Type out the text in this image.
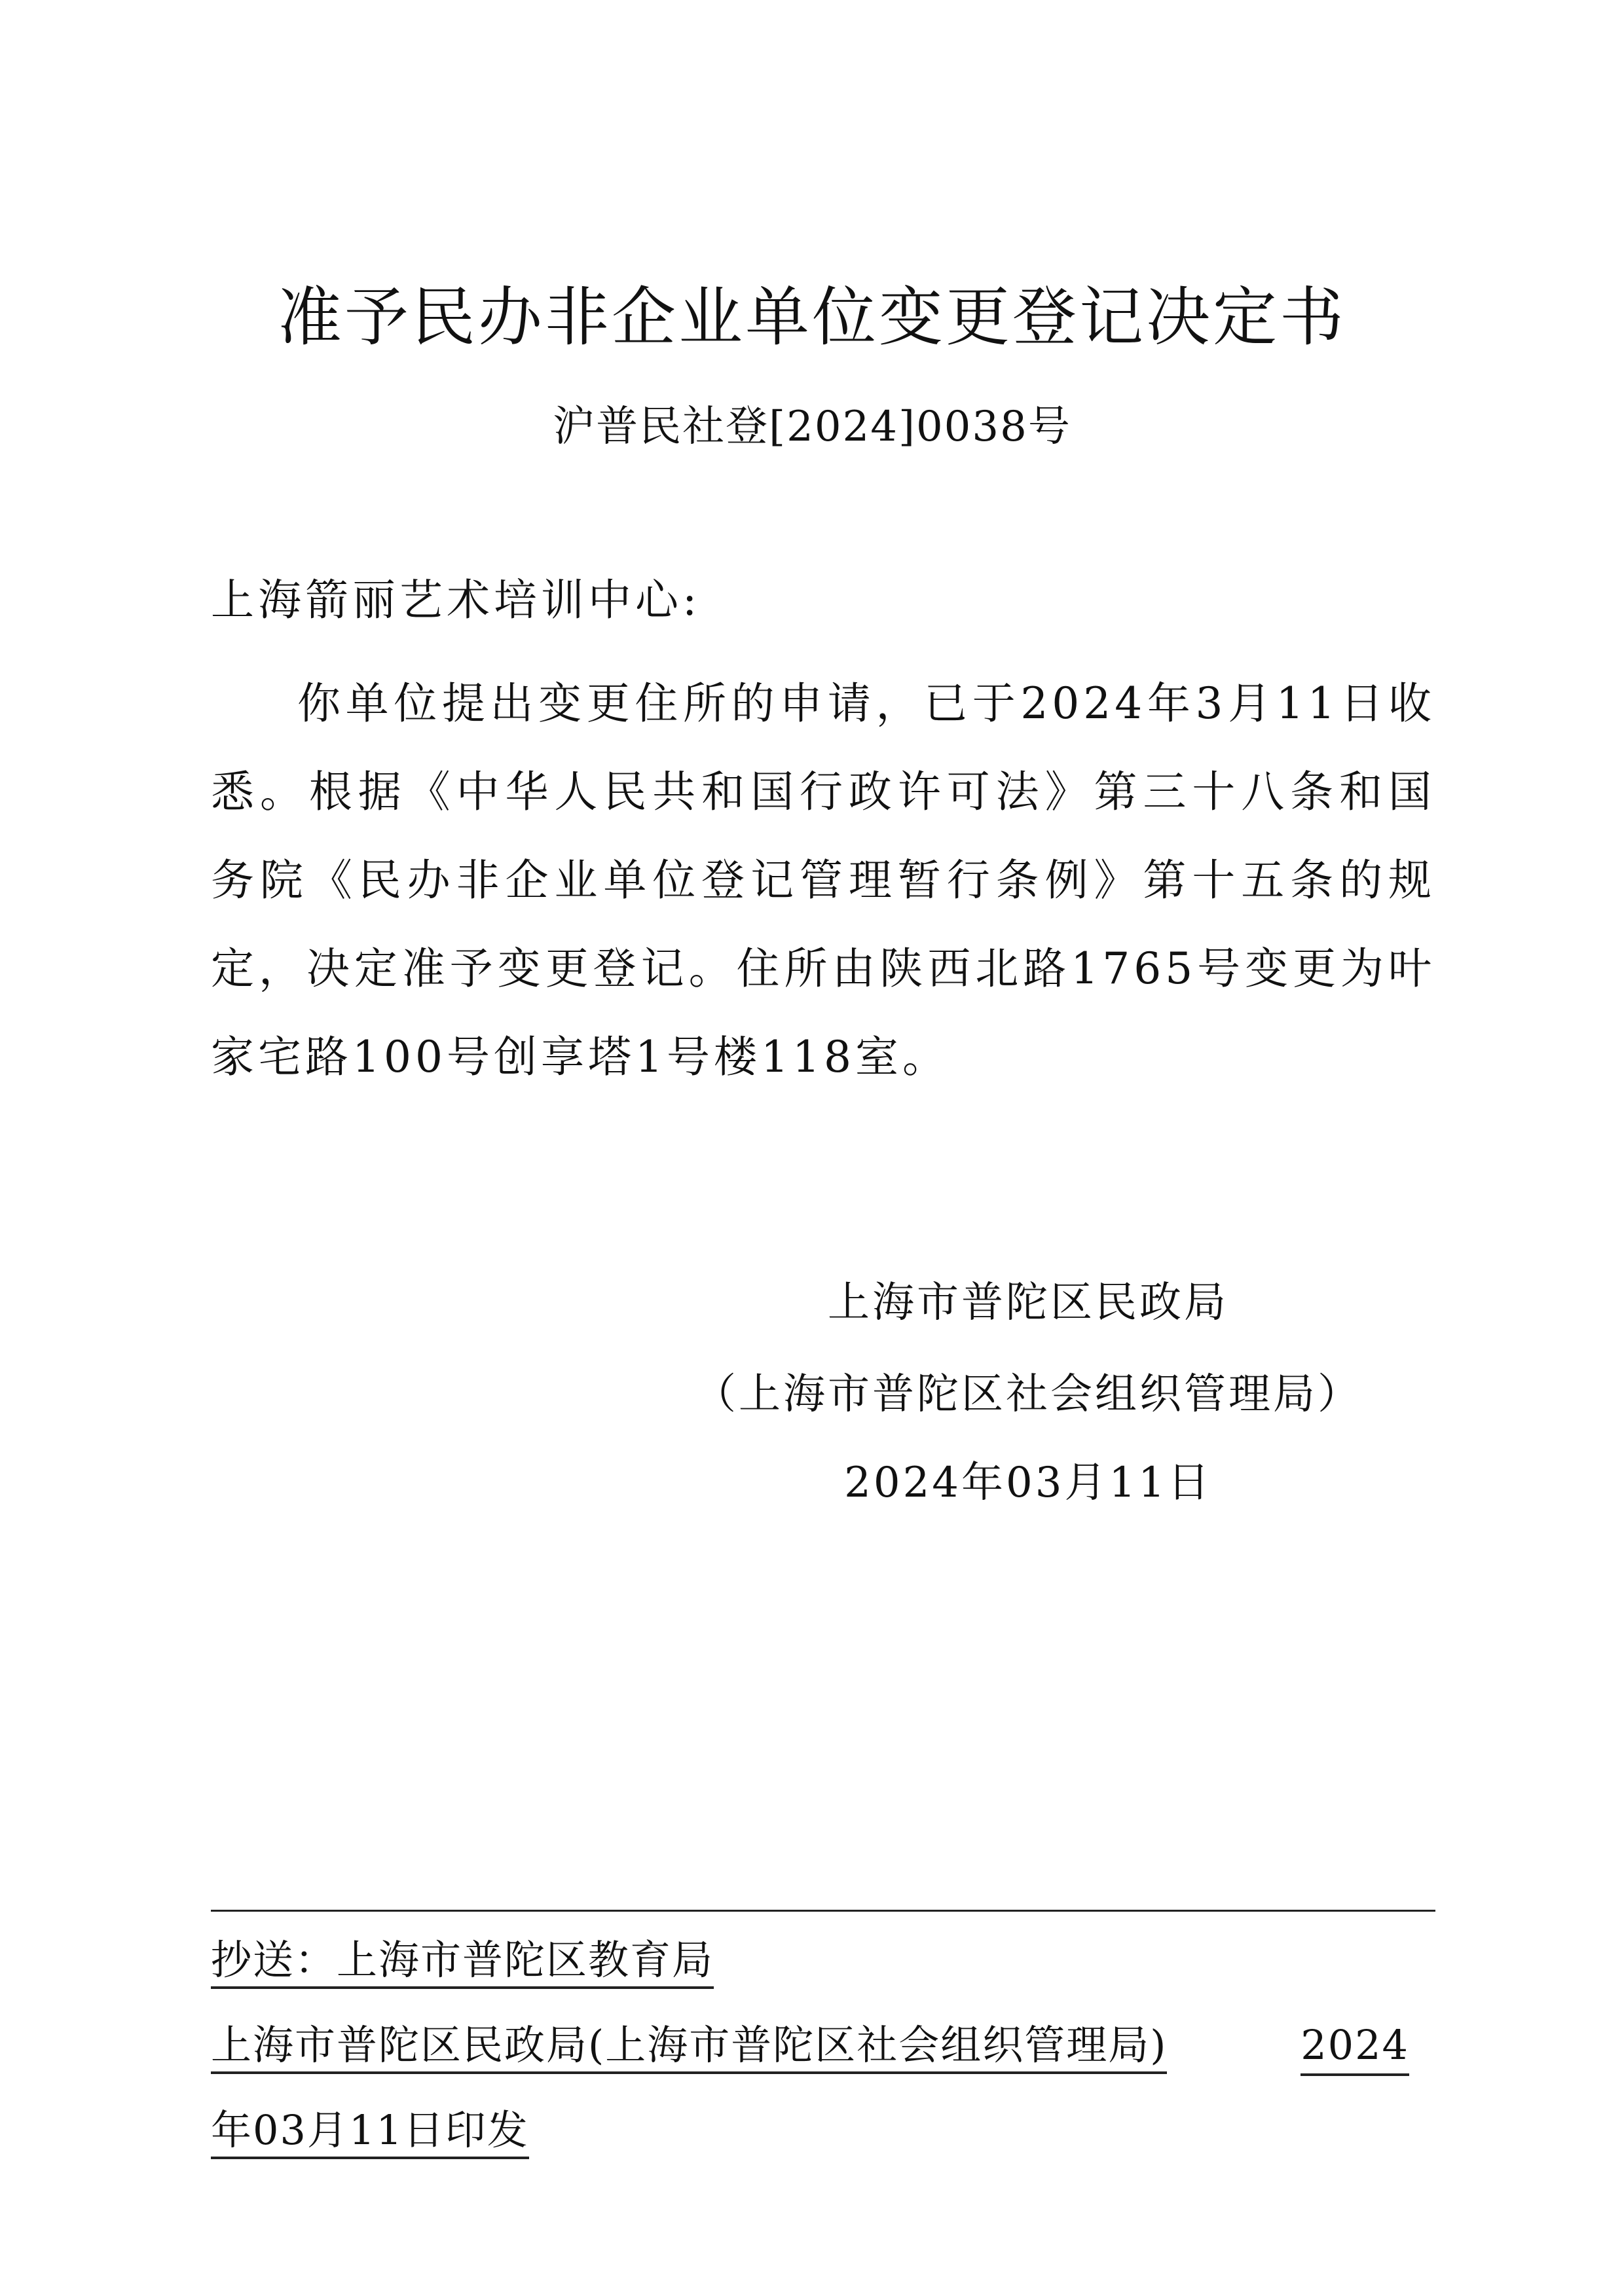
准予民办非企业单位变更登记决定书
沪普民社登[2024]0038号
上海箭丽艺术培训中心:

你单位提出变更住所的申请，已于2024年3月11日收悉。根据《中华人民共和国行政许可法》第三十八条和国务院《民办非企业单位登记管理暂行条例》第十五条的规定，决定准予变更登记。住所由陕西北路1765号变更为叶家宅路100号创享塔1号楼118室。

上海市普陀区民政局
（上海市普陀区社会组织管理局）
2024年03月11日
抄送：上海市普陀区教育局
上海市普陀区民政局(上海市普陀区社会组织管理局)	2024
年03月11日印发
